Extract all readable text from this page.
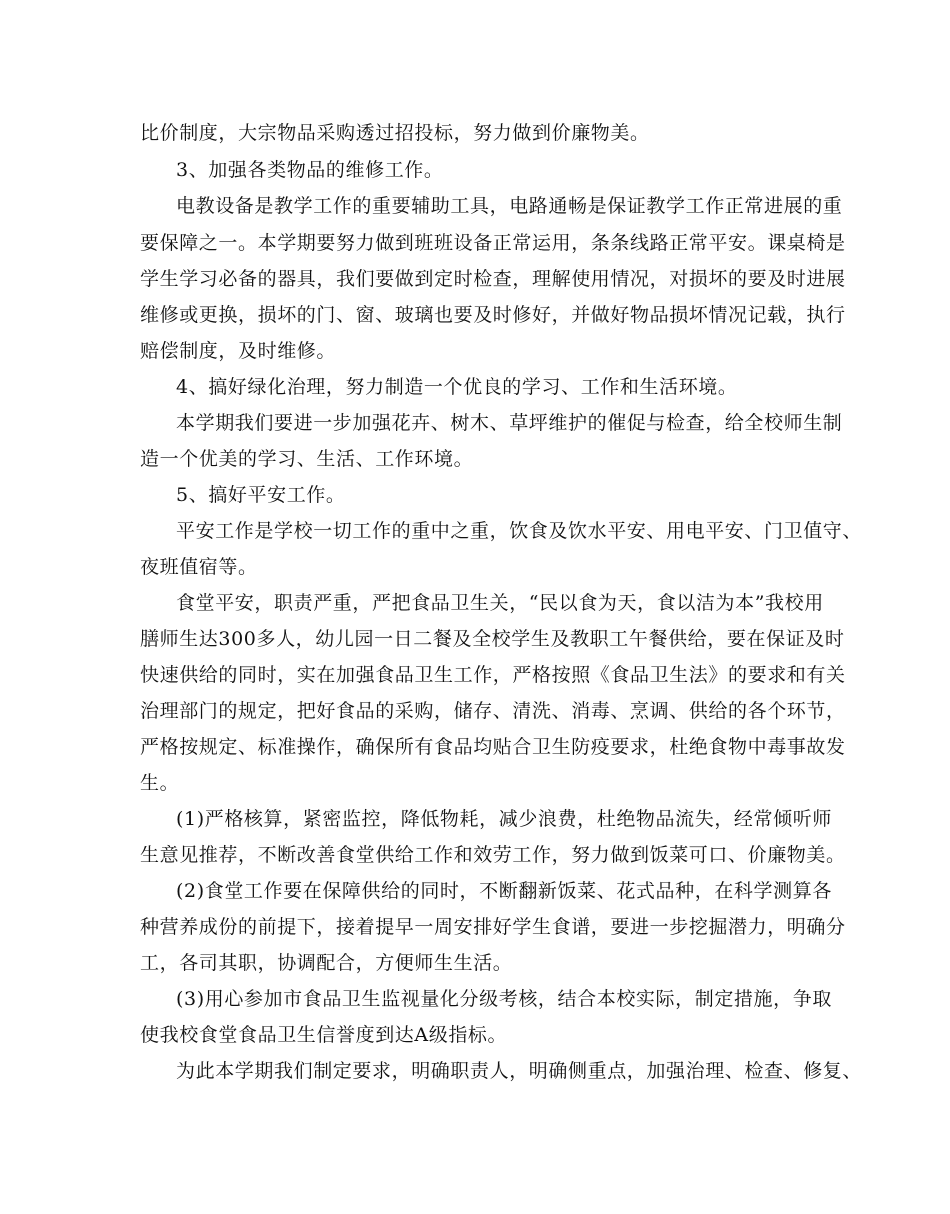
比价制度，大宗物品采购透过招投标，努力做到价廉物美。
3、加强各类物品的维修工作。
电教设备是教学工作的重要辅助工具，电路通畅是保证教学工作正常进展的重
要保障之一。本学期要努力做到班班设备正常运用，条条线路正常平安。课桌椅是
学生学习必备的器具，我们要做到定时检查，理解使用情况，对损坏的要及时进展
维修或更换，损坏的门、窗、玻璃也要及时修好，并做好物品损坏情况记载，执行
赔偿制度，及时维修。
4、搞好绿化治理，努力制造一个优良的学习、工作和生活环境。
本学期我们要进一步加强花卉、树木、草坪维护的催促与检查，给全校师生制
造一个优美的学习、生活、工作环境。
5、搞好平安工作。
平安工作是学校一切工作的重中之重，饮食及饮水平安、用电平安、门卫值守、
夜班值宿等。
食堂平安，职责严重，严把食品卫生关，“民以食为天，食以洁为本”我校用
膳师生达300多人，幼儿园一日二餐及全校学生及教职工午餐供给，要在保证及时
快速供给的同时，实在加强食品卫生工作，严格按照《食品卫生法》的要求和有关
治理部门的规定，把好食品的采购，储存、清洗、消毒、烹调、供给的各个环节，
严格按规定、标准操作，确保所有食品均贴合卫生防疫要求，杜绝食物中毒事故发
生。
(1)严格核算，紧密监控，降低物耗，减少浪费，杜绝物品流失，经常倾听师
生意见推荐，不断改善食堂供给工作和效劳工作，努力做到饭菜可口、价廉物美。
(2)食堂工作要在保障供给的同时，不断翻新饭菜、花式品种，在科学测算各
种营养成份的前提下，接着提早一周安排好学生食谱，要进一步挖掘潜力，明确分
工，各司其职，协调配合，方便师生生活。
(3)用心参加市食品卫生监视量化分级考核，结合本校实际，制定措施，争取
使我校食堂食品卫生信誉度到达A级指标。
为此本学期我们制定要求，明确职责人，明确侧重点，加强治理、检查、修复、
